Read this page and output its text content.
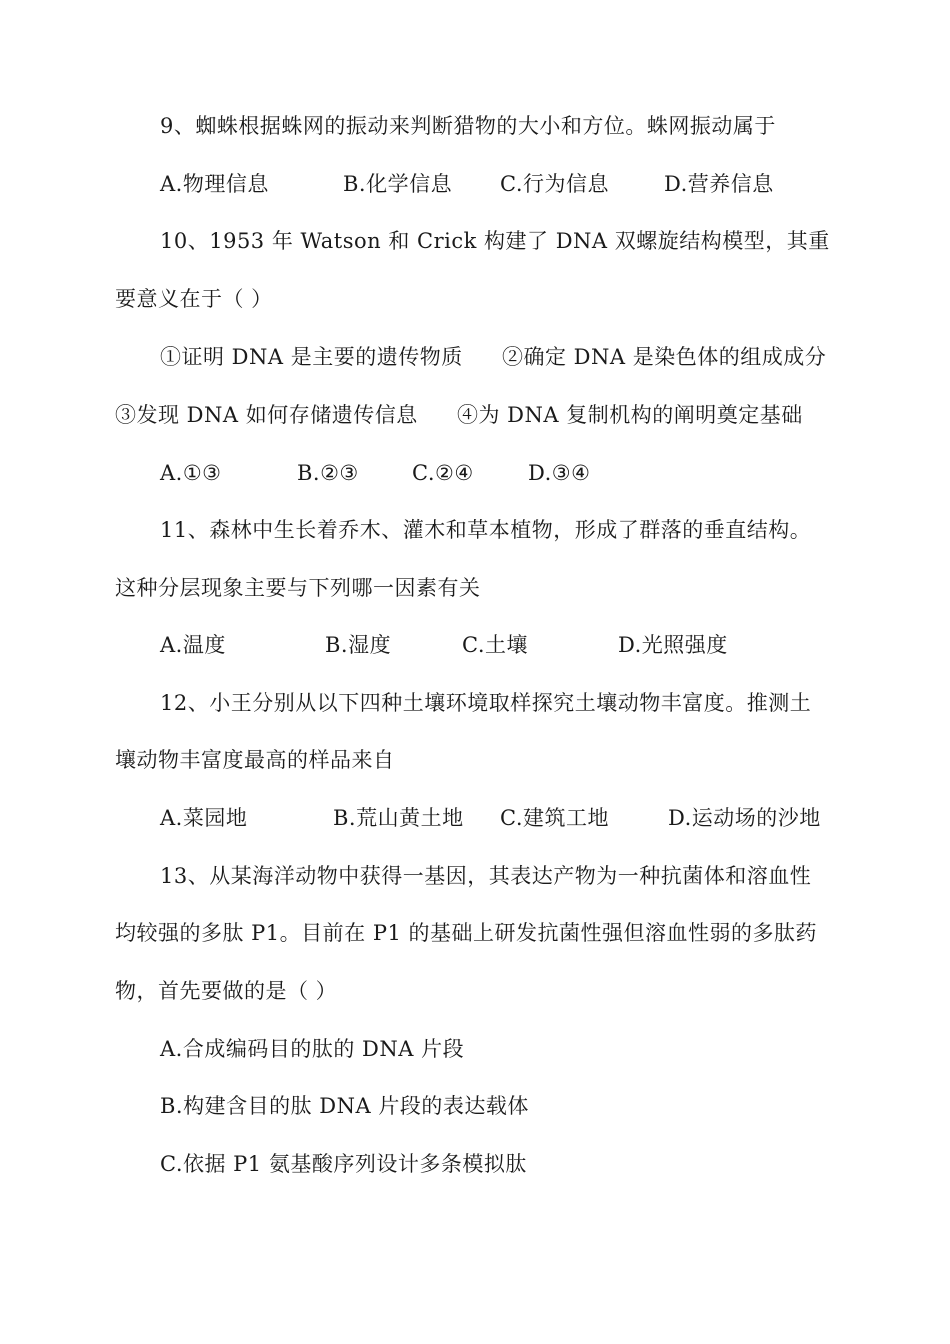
9、蜘蛛根据蛛网的振动来判断猎物的大小和方位。蛛网振动属于
A.物理信息	B.化学信息 C.行为信息	D.营养信息
10、1953 年 Watson 和 Crick 构建了 DNA 双螺旋结构模型，其重
要意义在于（ ）
①证明 DNA 是主要的遗传物质 ②确定 DNA 是染色体的组成成分
③发现 DNA 如何存储遗传信息 ④为 DNA 复制机构的阐明奠定基础
A.①③	B.②③	C.②④	D.③④
11、森林中生长着乔木、灌木和草本植物，形成了群落的垂直结构。
这种分层现象主要与下列哪一因素有关
A.温度	B.湿度	C.土壤	D.光照强度
12、小王分别从以下四种土壤环境取样探究土壤动物丰富度。推测土
壤动物丰富度最高的样品来自
A.菜园地	B.荒山黄土地 C.建筑工地	D.运动场的沙地
13、从某海洋动物中获得一基因，其表达产物为一种抗菌体和溶血性
均较强的多肽 P1。目前在 P1 的基础上研发抗菌性强但溶血性弱的多肽药
物，首先要做的是（ ）
A.合成编码目的肽的 DNA 片段
B.构建含目的肽 DNA 片段的表达载体
C.依据 P1 氨基酸序列设计多条模拟肽
